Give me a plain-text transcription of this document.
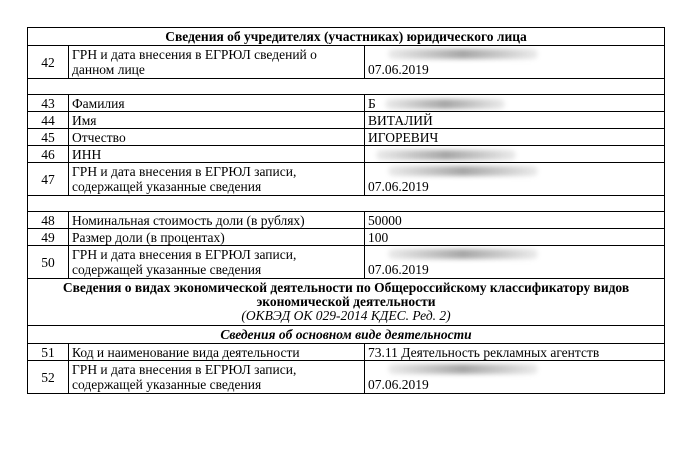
Сведения об учредителях (участниках) юридического лица		
42	ГРН и дата внесения в ЕГРЮЛ сведений о данном лице	07.06.2019

43	Фамилия	Б
44	Имя	ВИТАЛИЙ
45	Отчество	ИГОРЕВИЧ
46	ИНН	
47	ГРН и дата внесения в ЕГРЮЛ записи, содержащей указанные сведения	07.06.2019

48	Номинальная стоимость доли (в рублях)	50000
49	Размер доли (в процентах)	100
50	ГРН и дата внесения в ЕГРЮЛ записи, содержащей указанные сведения	07.06.2019
Сведения о видах экономической деятельности по Общероссийскому классификатору видов экономической деятельности
(ОКВЭД ОК 029-2014 КДЕС. Ред. 2)		

Сведения об основном виде деятельности		
51	Код и наименование вида деятельности	73.11 Деятельность рекламных агентств
52	ГРН и дата внесения в ЕГРЮЛ записи, содержащей указанные сведения	07.06.2019
